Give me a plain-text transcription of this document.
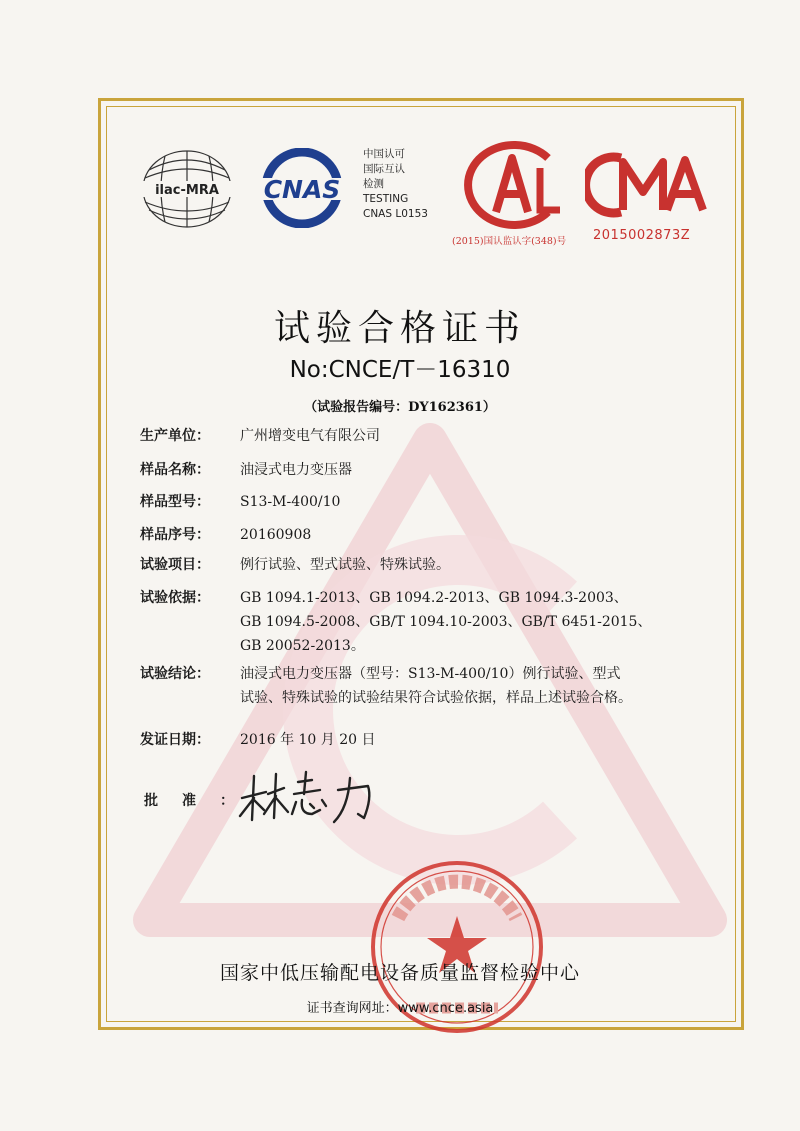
ilac-MRA CNAS
中国认可
国际互认
检测
TESTING
CNAS L0153
CAL
(2015)国认监认字(348)号
CMA
2015002873Z
试验合格证书
No:CNCE/T－16310
（试验报告编号：DY162361）
生产单位： 广州增变电气有限公司
样品名称： 油浸式电力变压器
样品型号： S13-M-400/10
样品序号： 20160908
试验项目： 例行试验、型式试验、特殊试验。
试验依据： GB 1094.1-2013、GB 1094.2-2013、GB 1094.3-2003、
GB 1094.5-2008、GB/T 1094.10-2003、GB/T 6451-2015、
GB 20052-2013。
试验结论： 油浸式电力变压器（型号：S13-M-400/10）例行试验、型式
试验、特殊试验的试验结果符合试验依据，样品上述试验合格。
发证日期： 2016 年 10 月 20 日
批准：
国家中低压输配电设备质量监督检验中心 检验检测专用章
国家中低压输配电设备质量监督检验中心
证书查询网址：www.cnce.asia
